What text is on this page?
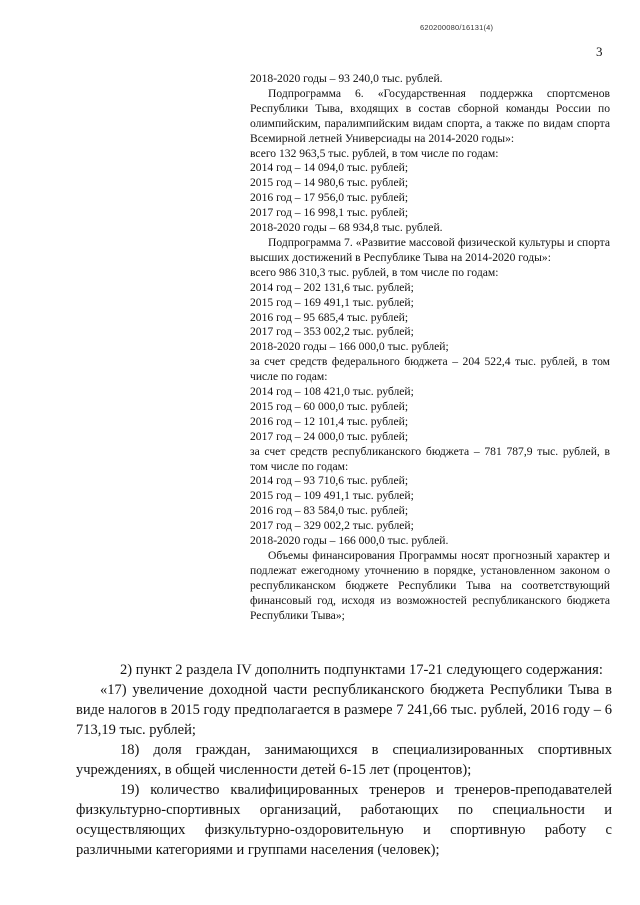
620200080/16131(4)
3

2018-2020 годы – 93 240,0 тыс. рублей.

Подпрограмма 6. «Государственная поддержка спортсменов Республики Тыва, входящих в состав сборной команды России по олимпийским, паралимпийским видам спорта, а также по видам спорта Всемирной летней Универсиады на 2014-2020 годы»:

всего 132 963,5 тыс. рублей, в том числе по годам:

2014 год – 14 094,0 тыс. рублей;

2015 год – 14 980,6 тыс. рублей;

2016 год – 17 956,0 тыс. рублей;

2017 год – 16 998,1 тыс. рублей;

2018-2020 годы – 68 934,8 тыс. рублей.

Подпрограмма 7. «Развитие массовой физической культуры и спорта высших достижений в Республике Тыва на 2014-2020 годы»:

всего 986 310,3 тыс. рублей, в том числе по годам:

2014 год – 202 131,6 тыс. рублей;

2015 год – 169 491,1 тыс. рублей;

2016 год – 95 685,4 тыс. рублей;

2017 год – 353 002,2 тыс. рублей;

2018-2020 годы – 166 000,0 тыс. рублей;

за счет средств федерального бюджета – 204 522,4 тыс. рублей, в том числе по годам:

2014 год – 108 421,0 тыс. рублей;

2015 год – 60 000,0 тыс. рублей;

2016 год – 12 101,4 тыс. рублей;

2017 год – 24 000,0 тыс. рублей;

за счет средств республиканского бюджета – 781 787,9 тыс. рублей, в том числе по годам:

2014 год – 93 710,6 тыс. рублей;

2015 год – 109 491,1 тыс. рублей;

2016 год – 83 584,0 тыс. рублей;

2017 год – 329 002,2 тыс. рублей;

2018-2020 годы – 166 000,0 тыс. рублей.

Объемы финансирования Программы носят прогнозный характер и подлежат ежегодному уточнению в порядке, установленном законом о республиканском бюджете Республики Тыва на соответствующий финансовый год, исходя из возможностей республиканского бюджета Республики Тыва»;

2) пункт 2 раздела IV дополнить подпунктами 17-21 следующего содержания:

«17) увеличение доходной части республиканского бюджета Республики Тыва в виде налогов в 2015 году предполагается в размере 7 241,66 тыс. рублей, 2016 году – 6 713,19 тыс. рублей;

18) доля граждан, занимающихся в специализированных спортивных учреждениях, в общей численности детей 6-15 лет (процентов);

19) количество квалифицированных тренеров и тренеров-преподавателей физкультурно-спортивных организаций, работающих по специальности и осуществляющих физкультурно-оздоровительную и спортивную работу с различными категориями и группами населения (человек);
